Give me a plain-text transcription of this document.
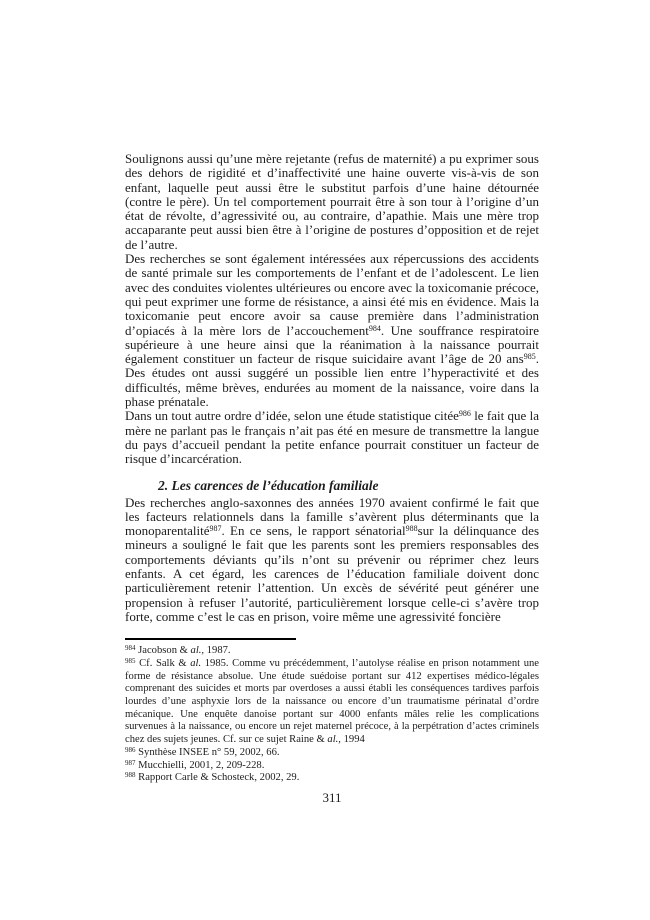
Soulignons aussi qu’une mère rejetante (refus de maternité) a pu exprimer sous des dehors de rigidité et d’inaffectivité une haine ouverte vis-à-vis de son enfant, laquelle peut aussi être le substitut parfois d’une haine détournée (contre le père). Un tel comportement pourrait être à son tour à l’origine d’un état de révolte, d’agressivité ou, au contraire, d’apathie. Mais une mère trop accaparante peut aussi bien être à l’origine de postures d’opposition et de rejet de l’autre.

Des recherches se sont également intéressées aux répercussions des accidents de santé primale sur les comportements de l’enfant et de l’adolescent. Le lien avec des conduites violentes ultérieures ou encore avec la toxicomanie précoce, qui peut exprimer une forme de résistance, a ainsi été mis en évidence. Mais la toxicomanie peut encore avoir sa cause première dans l’administration d’opiacés à la mère lors de l’accouchement$^{984}$. Une souffrance respiratoire supérieure à une heure ainsi que la réanimation à la naissance pourrait également constituer un facteur de risque suicidaire avant l’âge de 20 ans$^{985}$. Des études ont aussi suggéré un possible lien entre l’hyperactivité et des difficultés, même brèves, endurées au moment de la naissance, voire dans la phase prénatale.

Dans un tout autre ordre d’idée, selon une étude statistique citée$^{986}$ le fait que la mère ne parlant pas le français n’ait pas été en mesure de transmettre la langue du pays d’accueil pendant la petite enfance pourrait constituer un facteur de risque d’incarcération.

2. Les carences de l’éducation familiale

Des recherches anglo-saxonnes des années 1970 avaient confirmé le fait que les facteurs relationnels dans la famille s’avèrent plus déterminants que la monoparentalité$^{987}$. En ce sens, le rapport sénatorial$^{988}$sur la délinquance des mineurs a souligné le fait que les parents sont les premiers responsables des comportements déviants qu’ils n’ont su prévenir ou réprimer chez leurs enfants. A cet égard, les carences de l’éducation familiale doivent donc particulièrement retenir l’attention. Un excès de sévérité peut générer une propension à refuser l’autorité, particulièrement lorsque celle-ci s’avère trop forte, comme c’est le cas en prison, voire même une agressivité foncière

$^{984}$ Jacobson & al., 1987.

$^{985}$ Cf. Salk & al. 1985. Comme vu précédemment, l’autolyse réalise en prison notamment une forme de résistance absolue. Une étude suédoise portant sur 412 expertises médico-légales comprenant des suicides et morts par overdoses a aussi établi les conséquences tardives parfois lourdes d’une asphyxie lors de la naissance ou encore d’un traumatisme périnatal d’ordre mécanique. Une enquête danoise portant sur 4000 enfants mâles relie les complications survenues à la naissance, ou encore un rejet maternel précoce, à la perpétration d’actes criminels chez des sujets jeunes. Cf. sur ce sujet Raine & al., 1994

$^{986}$ Synthèse INSEE n° 59, 2002, 66.

$^{987}$ Mucchielli, 2001, 2, 209-228.

$^{988}$ Rapport Carle & Schosteck, 2002, 29.

311
